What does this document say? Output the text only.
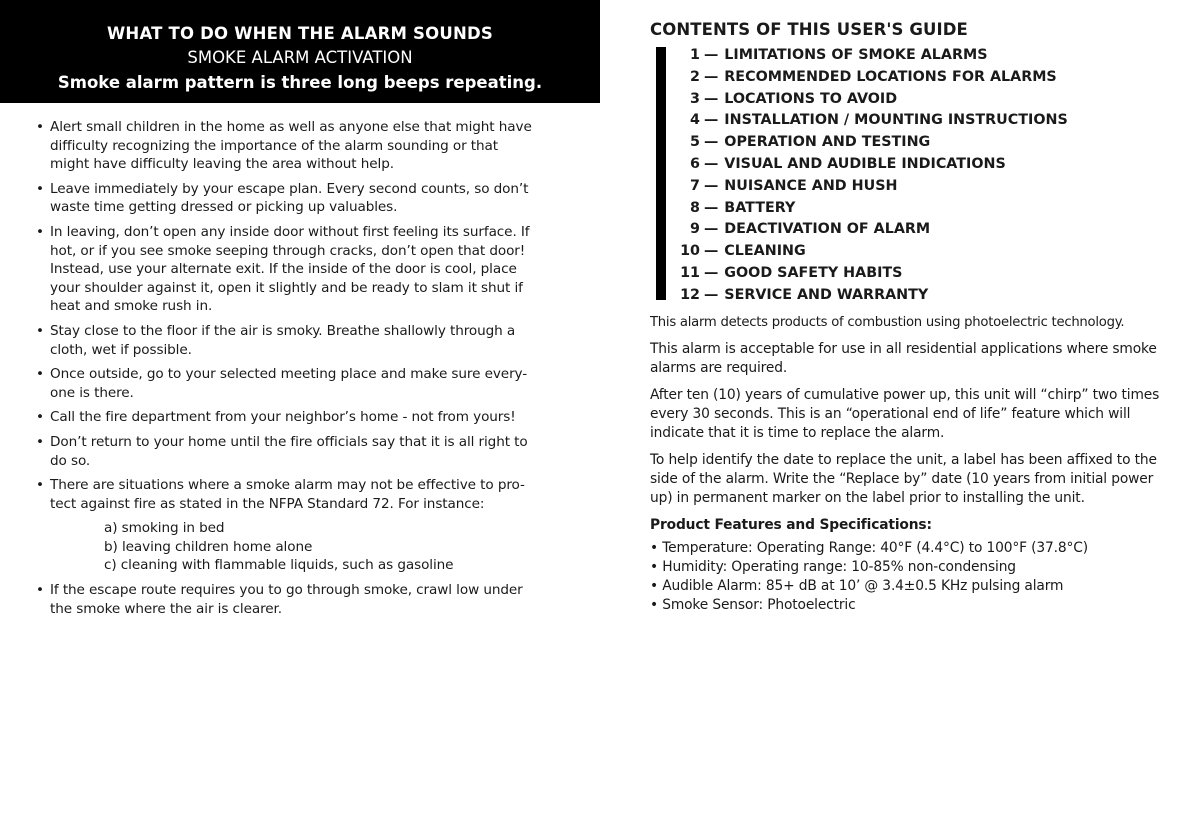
WHAT TO DO WHEN THE ALARM SOUNDS
SMOKE ALARM ACTIVATION
Smoke alarm pattern is three long beeps repeating.
• Alert small children in the home as well as anyone else that might have difficulty recognizing the importance of the alarm sounding or that might have difficulty leaving the area without help.
• Leave immediately by your escape plan. Every second counts, so don’t waste time getting dressed or picking up valuables.
• In leaving, don’t open any inside door without first feeling its surface. If hot, or if you see smoke seeping through cracks, don’t open that door! Instead, use your alternate exit. If the inside of the door is cool, place your shoulder against it, open it slightly and be ready to slam it shut if heat and smoke rush in.
• Stay close to the floor if the air is smoky. Breathe shallowly through a cloth, wet if possible.
• Once outside, go to your selected meeting place and make sure every-one is there.
• Call the fire department from your neighbor’s home - not from yours!
• Don’t return to your home until the fire officials say that it is all right to do so.
• There are situations where a smoke alarm may not be effective to pro-tect against fire as stated in the NFPA Standard 72. For instance:
a) smoking in bed
b) leaving children home alone
c) cleaning with flammable liquids, such as gasoline
• If the escape route requires you to go through smoke, crawl low under the smoke where the air is clearer.
CONTENTS OF THIS USER'S GUIDE
1 — LIMITATIONS OF SMOKE ALARMS
2 — RECOMMENDED LOCATIONS FOR ALARMS
3 — LOCATIONS TO AVOID
4 — INSTALLATION / MOUNTING INSTRUCTIONS
5 — OPERATION AND TESTING
6 — VISUAL AND AUDIBLE INDICATIONS
7 — NUISANCE AND HUSH
8 — BATTERY
9 — DEACTIVATION OF ALARM
10 — CLEANING
11 — GOOD SAFETY HABITS
12 — SERVICE AND WARRANTY

This alarm detects products of combustion using photoelectric technology.

This alarm is acceptable for use in all residential applications where smoke alarms are required.

After ten (10) years of cumulative power up, this unit will “chirp” two times every 30 seconds. This is an “operational end of life” feature which will indicate that it is time to replace the alarm.

To help identify the date to replace the unit, a label has been affixed to the side of the alarm. Write the “Replace by” date (10 years from initial power up) in permanent marker on the label prior to installing the unit.

Product Features and Specifications:

• Temperature: Operating Range: 40°F (4.4°C) to 100°F (37.8°C)
• Humidity: Operating range: 10-85% non-condensing
• Audible Alarm: 85+ dB at 10’ @ 3.4±0.5 KHz pulsing alarm
• Smoke Sensor: Photoelectric
